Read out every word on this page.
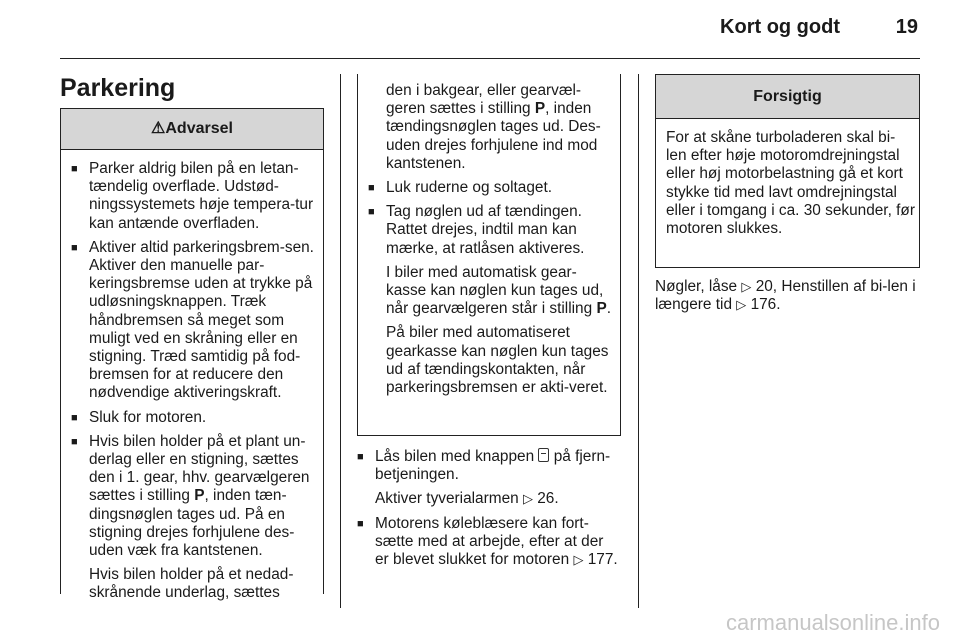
Kort og godt	19
Parkering
⚠Advarsel
■ Parker aldrig bilen på en letan-tændelig overflade. Udstød-ningssystemets høje tempera-tur kan antænde overfladen.
■ Aktiver altid parkeringsbrem-sen. Aktiver den manuelle par-keringsbremse uden at trykke på udløsningsknappen. Træk håndbremsen så meget som muligt ved en skråning eller en stigning. Træd samtidig på fod-bremsen for at reducere den nødvendige aktiveringskraft.
■ Sluk for motoren.
■ Hvis bilen holder på et plant un-derlag eller en stigning, sættes den i 1. gear, hhv. gearvælgeren sættes i stilling P, inden tæn-dingsnøglen tages ud. På en stigning drejes forhjulene des-uden væk fra kantstenen.
Hvis bilen holder på et nedad-skrånende underlag, sættes
den i bakgear, eller gearvæl-geren sættes i stilling P, inden tændingsnøglen tages ud. Des-uden drejes forhjulene ind mod kantstenen.
■ Luk ruderne og soltaget.
■ Tag nøglen ud af tændingen. Rattet drejes, indtil man kan mærke, at ratlåsen aktiveres.
I biler med automatisk gear-kasse kan nøglen kun tages ud, når gearvælgeren står i stilling P.
På biler med automatiseret gearkasse kan nøglen kun tages ud af tændingskontakten, når parkeringsbremsen er akti-veret.
■ Lås bilen med knappen  på fjern-betjeningen.
Aktiver tyverialarmen ▷ 26.
■ Motorens køleblæsere kan fort-sætte med at arbejde, efter at der er blevet slukket for motoren ▷ 177.
Forsigtig
For at skåne turboladeren skal bi-len efter høje motoromdrejningstal eller høj motorbelastning gå et kort stykke tid med lavt omdrejningstal eller i tomgang i ca. 30 sekunder, før motoren slukkes.
Nøgler, låse ▷ 20, Henstillen af bi-len i længere tid ▷ 176.
carmanualsonline.info
